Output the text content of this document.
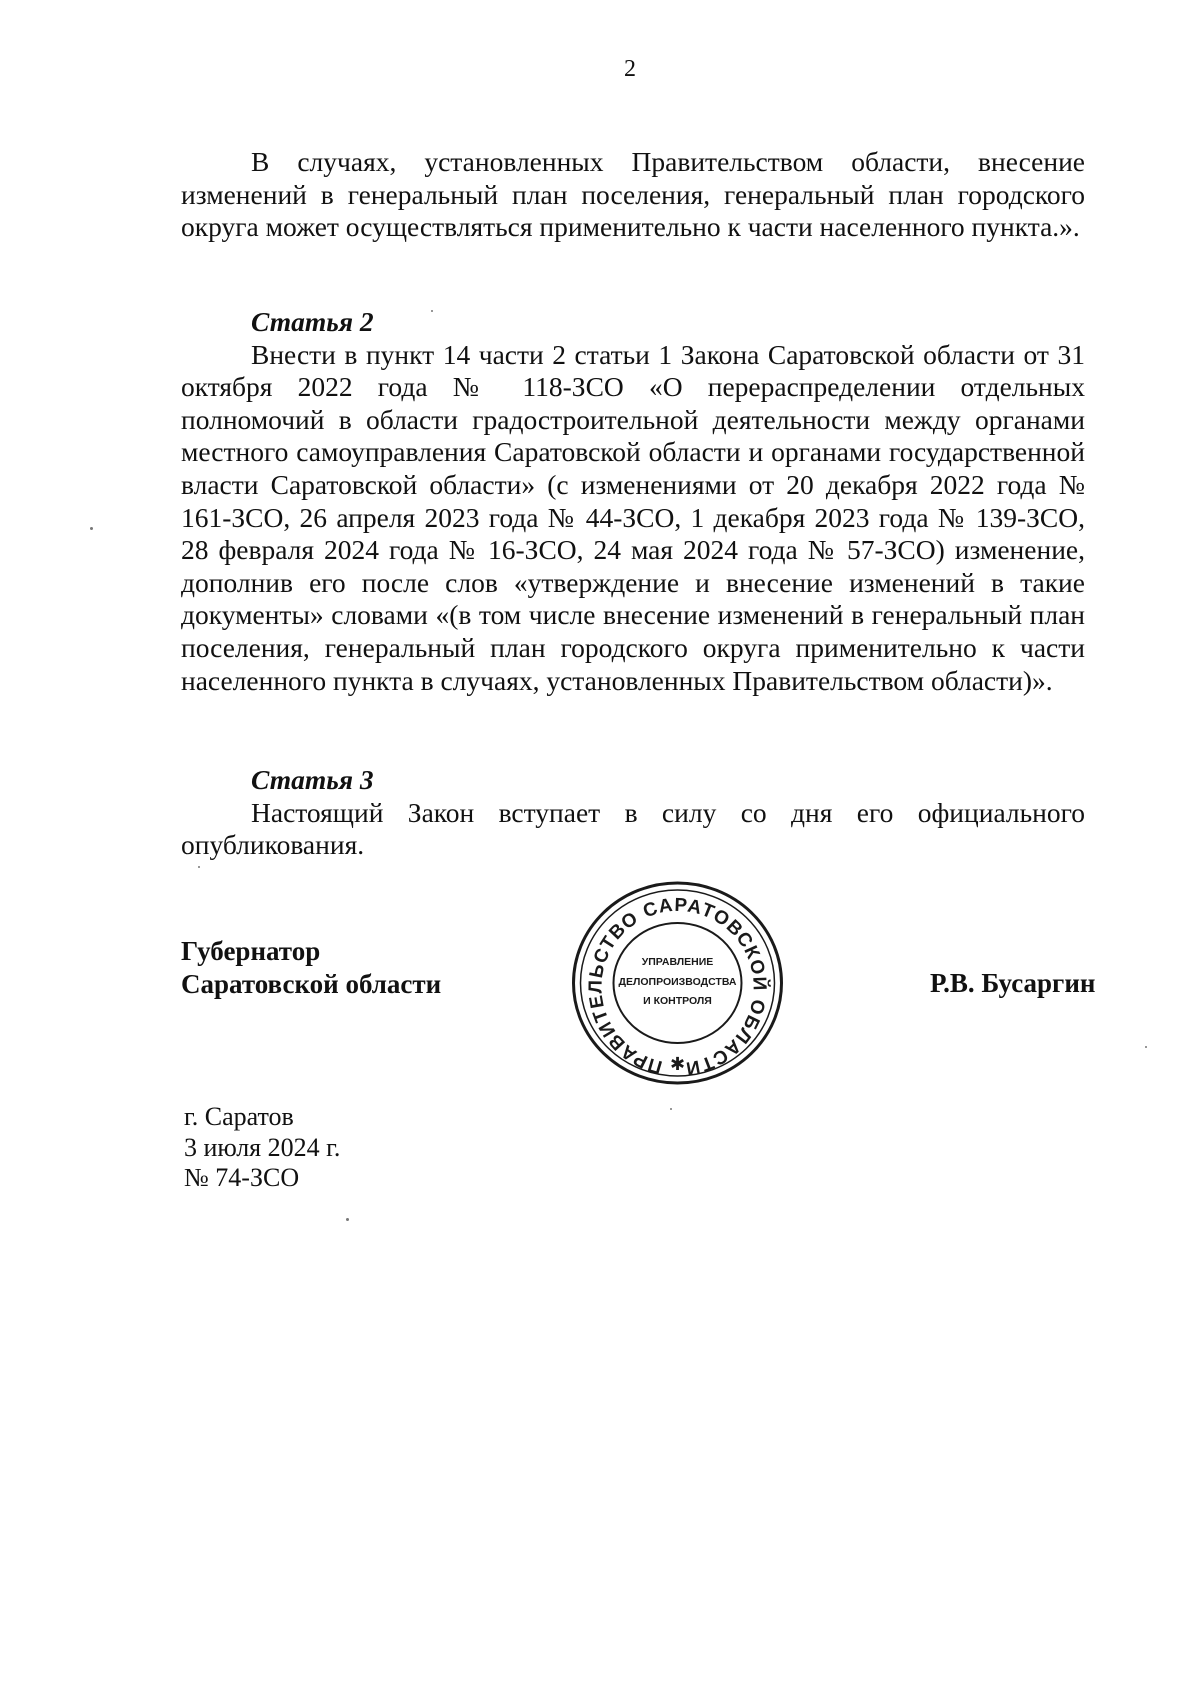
2

В случаях, установленных Правительством области, внесение изменений в генеральный план поселения, генеральный план городского округа может осуществляться применительно к части населенного пункта.».

Статья 2

Внести в пункт 14 части 2 статьи 1 Закона Саратовской области от 31 октября 2022 года № 118-ЗСО «О перераспределении отдельных полномочий в области градостроительной деятельности между органами местного самоуправления Саратовской области и органами государственной власти Саратовской области» (с изменениями от 20 декабря 2022 года № 161-ЗСО, 26 апреля 2023 года № 44-ЗСО, 1 декабря 2023 года № 139-ЗСО, 28 февраля 2024 года № 16-ЗСО, 24 мая 2024 года № 57-ЗСО) изменение, дополнив его после слов «утверждение и внесение изменений в такие документы» словами «(в том числе внесение изменений в генеральный план поселения, генеральный план городского округа применительно к части населенного пункта в случаях, установленных Правительством области)».

Статья 3

Настоящий Закон вступает в силу со дня его официального опубликования.

Губернатор
Саратовской области
ПРАВИТЕЛЬСТВО САРАТОВСКОЙ ОБЛАСТИ
УПРАВЛЕНИЕ
ДЕЛОПРОИЗВОДСТВА
И КОНТРОЛЯ
✱
Р.В. Бусаргин
г. Саратов
3 июля 2024 г.
№ 74-ЗСО
